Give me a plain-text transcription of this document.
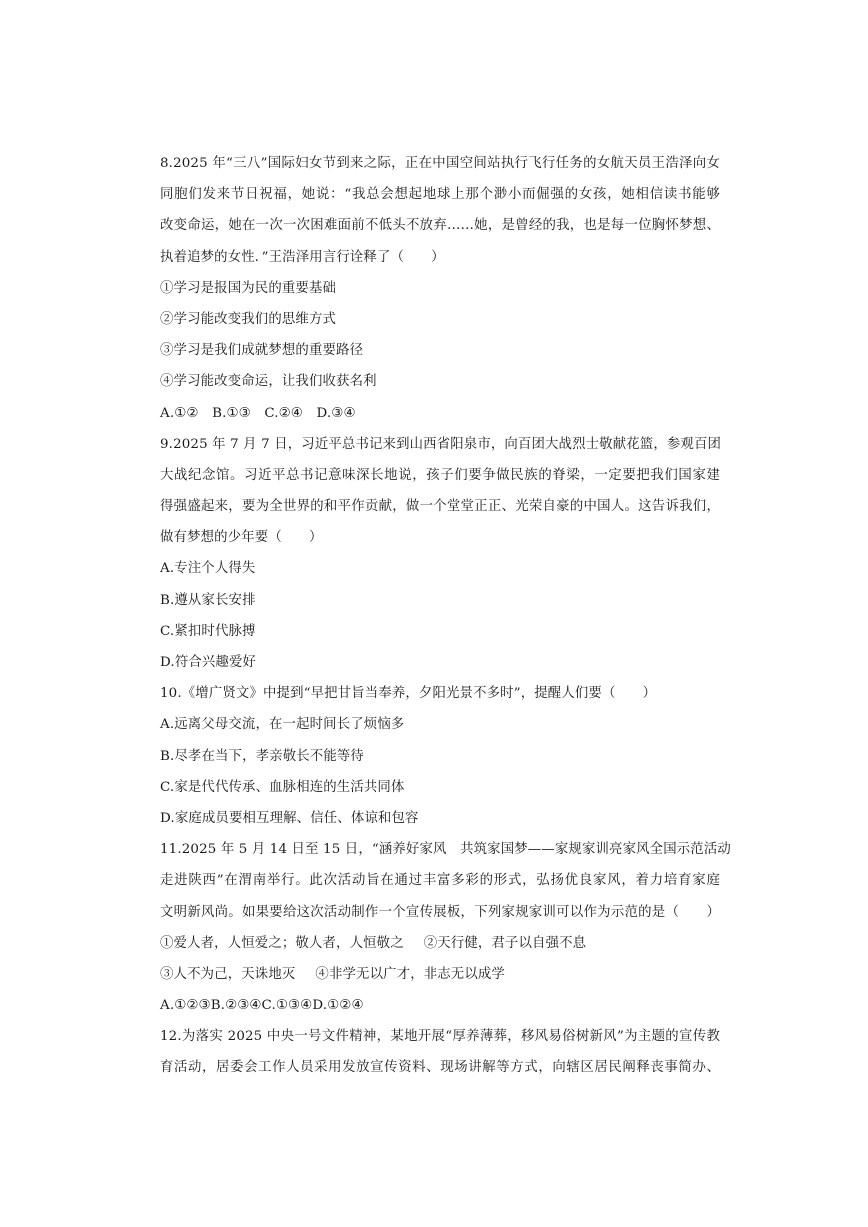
8.2025 年“三八”国际妇女节到来之际，正在中国空间站执行飞行任务的女航天员王浩泽向女
同胞们发来节日祝福，她说：“我总会想起地球上那个渺小而倔强的女孩，她相信读书能够
改变命运，她在一次一次困难面前不低头不放弃……她，是曾经的我，也是每一位胸怀梦想、
执着追梦的女性．”王浩泽用言行诠释了（　　）
①学习是报国为民的重要基础
②学习能改变我们的思维方式
③学习是我们成就梦想的重要路径
④学习能改变命运，让我们收获名利
A.①②　B.①③　C.②④　D.③④
9.2025 年 7 月 7 日，习近平总书记来到山西省阳泉市，向百团大战烈士敬献花篮，参观百团
大战纪念馆。习近平总书记意味深长地说，孩子们要争做民族的脊梁，一定要把我们国家建
得强盛起来，要为全世界的和平作贡献，做一个堂堂正正、光荣自豪的中国人。这告诉我们，
做有梦想的少年要（　　）
A.专注个人得失
B.遵从家长安排
C.紧扣时代脉搏
D.符合兴趣爱好
10.《增广贤文》中提到“早把甘旨当奉养，夕阳光景不多时”，提醒人们要（　　）
A.远离父母交流，在一起时间长了烦恼多
B.尽孝在当下，孝亲敬长不能等待
C.家是代代传承、血脉相连的生活共同体
D.家庭成员要相互理解、信任、体谅和包容
11.2025 年 5 月 14 日至 15 日，“涵养好家风　共筑家国梦——家规家训亮家风全国示范活动
走进陕西”在渭南举行。此次活动旨在通过丰富多彩的形式，弘扬优良家风，着力培育家庭
文明新风尚。如果要给这次活动制作一个宣传展板，下列家规家训可以作为示范的是（　　）
①爱人者，人恒爱之；敬人者，人恒敬之 ②天行健，君子以自强不息
③人不为己，天诛地灭 ④非学无以广才，非志无以成学
A.①②③B.②③④C.①③④D.①②④
12.为落实 2025 中央一号文件精神，某地开展“厚养薄葬，移风易俗树新风”为主题的宣传教
育活动，居委会工作人员采用发放宣传资料、现场讲解等方式，向辖区居民阐释丧事简办、
